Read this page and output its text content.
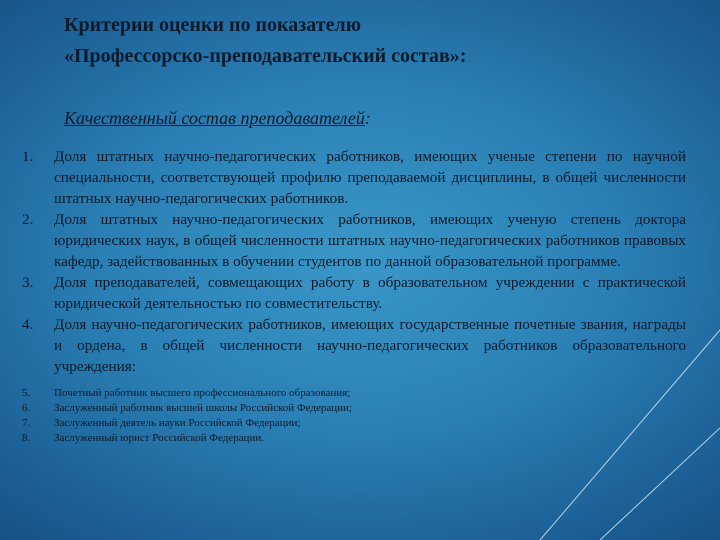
Критерии оценки по показателю
«Профессорско-преподавательский состав»:
Качественный состав преподавателей:
1.	Доля штатных научно-педагогических работников, имеющих ученые степени по научной специальности, соответствующей профилю преподаваемой дисциплины, в общей численности штатных научно-педагогических работников.
2.	Доля штатных научно-педагогических работников, имеющих ученую степень доктора юридических наук, в общей численности штатных научно-педагогических работников правовых кафедр, задействованных в обучении студентов по данной образовательной программе.
3.	Доля преподавателей, совмещающих работу в образовательном учреждении с практической юридической деятельностью по совместительству.
4.	Доля научно-педагогических работников, имеющих государственные почетные звания, награды и ордена, в общей численности научно-педагогических работников образовательного учреждения:
5.	Почетный работник высшего профессионального образования;
6.	Заслуженный работник высшей школы Российской Федерации;
7.	Заслуженный деятель науки Российской Федерации;
8.	Заслуженный юрист Российской Федерации.
